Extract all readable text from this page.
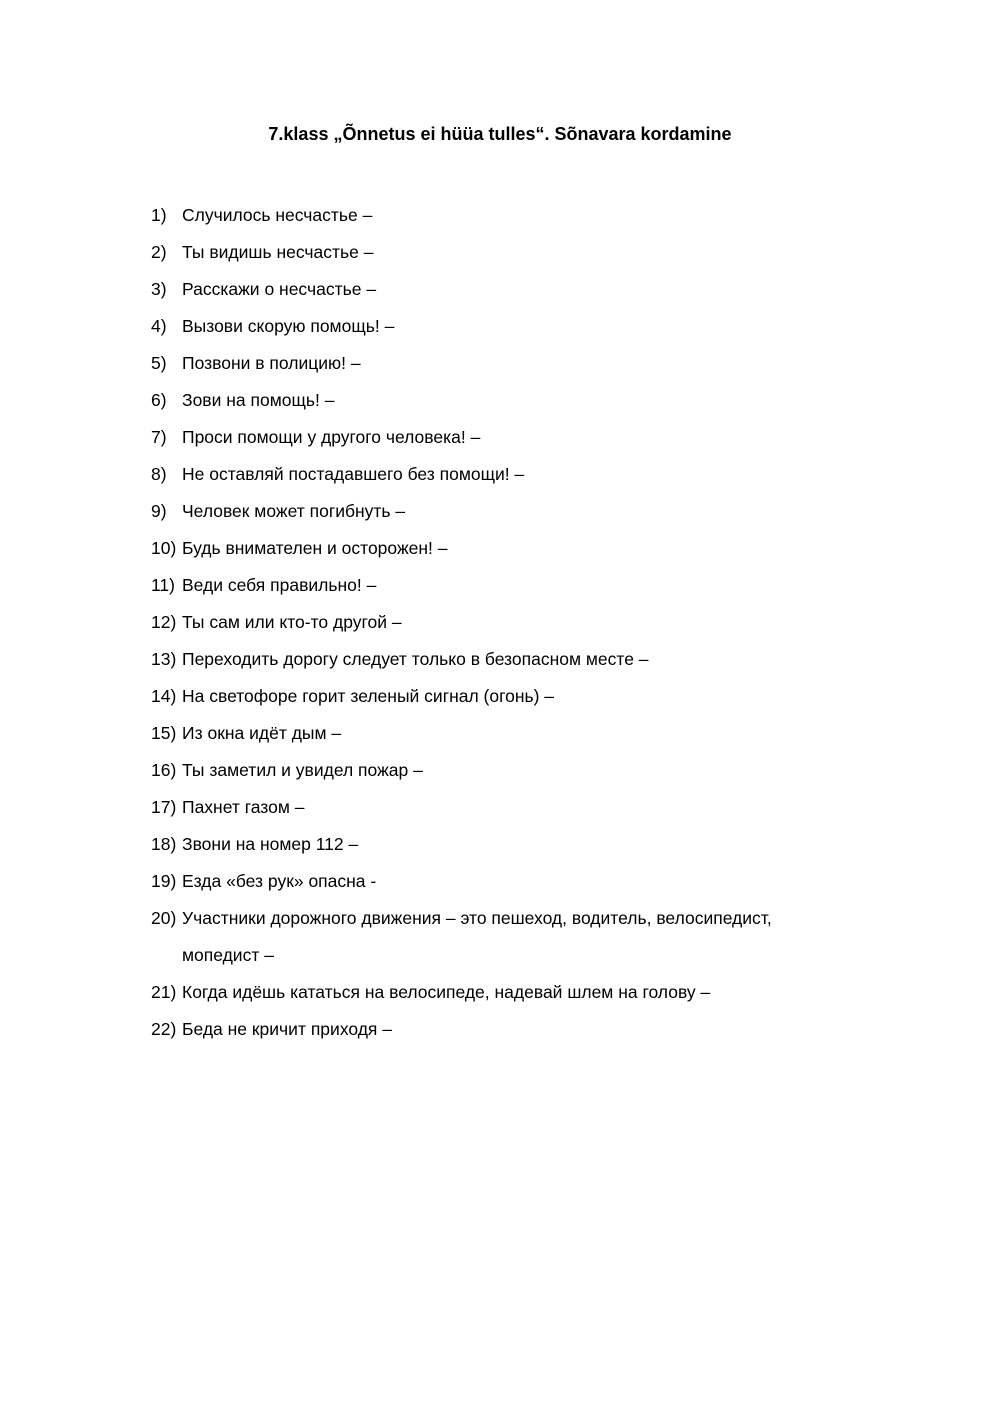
7.klass „Õnnetus ei hüüa tulles“. Sõnavara kordamine
1) Случилось несчастье –
2) Ты видишь несчастье –
3) Расскажи о несчастье –
4) Вызови скорую помощь! –
5) Позвони в полицию! –
6) Зови на помощь! –
7) Проси помощи у другого человека! –
8) Не оставляй постадавшего без помощи! –
9) Человек может погибнуть –
10) Будь внимателен и осторожен! –
11) Веди себя правильно! –
12) Ты сам или кто-то другой –
13) Переходить дорогу следует только в безопасном месте –
14) На светофоре горит зеленый сигнал (огонь) –
15) Из окна идёт дым –
16) Ты заметил и увидел пожар –
17) Пахнет газом –
18) Звони на номер 112 –
19) Езда «без рук» опасна -
20) Участники дорожного движения – это пешеход, водитель, велосипедист,
мопедист –
21) Когда идёшь кататься на велосипеде, надевай шлем на голову –
22) Беда не кричит приходя –
